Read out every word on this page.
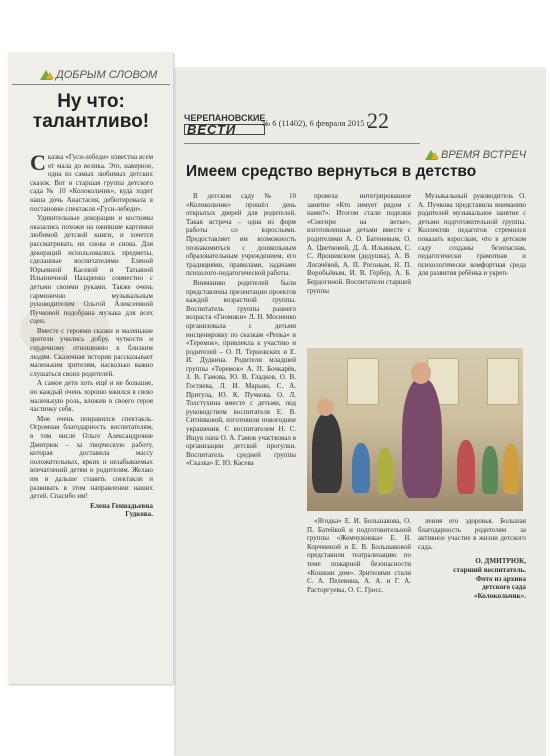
ДОБРЫМ СЛОВОМ
Ну что:
талантливо!

Сказка «Гуси-лебеди» известна всем от мала до велика. Это, наверное, одна из самых любимых детских сказок. Вот и старшая группа детского сада № 10 «Колокольчик», куда ходит наша дочь Анастасия, дебютировала в постановке спектакля «Гуси-лебеди».

Удивительные декорации и костюмы оказались похожи на ожившие картинки любимой детской книги, и хочется рассматривать их снова и снова. Для декораций использовались предметы, сделанные воспитателями Еленой Юрьевной Касевой и Татьяной Ильиничной Назаренко совместно с детьми своими руками. Также очень гармонично музыкальным руководителем Ольгой Алексеевной Пучковой подобрана музыка для всех сцен.

Вместе с героями сказки и маленькие зрители учились добру, чуткости и сердечному отношению к близким людям. Сказочная история рассказывает маленьким зрителям, насколько важно слушаться своих родителей.

А самое дети хоть ещё и не большие, но каждый очень хорошо вжился в свою маленькую роль, вложив в своего героя частичку себя.

Мне очень понравился спектакль. Огромная благодарность воспитателям, в том числе Ольге Александровне Дмитрюк – за творческую работу, которая доставила массу положительных, ярких и незабываемых впечатлений детям и родителям. Желаю им и дальше ставить спектакли и развивать в этом направлении наших детей. Спасибо им!

Елена Геннадьевна
Гудкова.
ЧЕРЕПАНОВСКИЕ
ВЕСТИ	№ 6 (11402), 6 февраля 2015 г.
22
ВРЕМЯ ВСТРЕЧ
Имеем средство вернуться в детство

В детском саду № 10 «Колокольчик» прошёл день открытых дверей для родителей. Такая встреча – одна из форм работы со взрослыми. Предоставляет им возможность познакомиться с дошкольным образовательным учреждением, его традициями, правилами, задачами психолого-педагогической работы.

Вниманию родителей были представлены презентации проектов каждой возрастной группы. Воспитатель группы раннего возраста «Гномики» Л. Н. Мосиенко организовала с детьми инсценировку по сказкам «Репка» и «Теремок», привлекла к участию и родителей – О. П. Терновских и Е. И. Дудкина. Родители младшей группы «Теремок» А. П. Бочкарёв, З. В. Гамова, Ю. В. Гладков, О. В. Гостяева, Л. И. Марьин, С. А. Притула, Ю. К. Пучкова. О. Л. Толстухина вместе с детьми, под руководством воспитателя Е. В. Ситниковой, изготовили новогодние украшения. С воспитателем Н. С. Ищук папа О. А. Гамов участвовал в организации детской прогулки. Воспитатель средней группы «Сказка» Е. Ю. Касева

провела интегрированное занятие «Кто зимует рядом с нами?». Итогом стали поделки «Снегири на ветке», изготовленные детьми вместе с родителями А. О. Батеневым, О. А. Цветковой, Д. А. Ильиным, С. С. Ярошевским (дедушка), А. В. Логачёвой, А. П. Рогоным, Н. П. Воробьёвым, И. В. Гербер, А. Б. Бердогиной. Воспитатели старшей группы

Музыкальный руководитель О. А. Пучкова представила вниманию родителей музыкальное занятие с детьми подготовительной группы. Коллектив педагогов стремился показать взрослым, что в детском саду созданы безопасная, педагогически грамотная и психологически комфортная среда для развития ребёнка и укреп-

«Ягодка» Е. И. Большакова, О. П. Батейкой и подготовительной группы «Жемчужинка» Е. Н. Корчминой и Е. В. Большаковой представили театрализацию по теме пожарной безопасности «Кошкин дом». Зрителями стали С. А. Пелевина, А. А. и Г. А. Расторгуевы, О. С. Гросс.

ления его здоровья. Большая благодарность родителям за активное участие в жизни детского сада.

О. ДМИТРЮК,
старший воспитатель.
Фото из архива
детского сада
«Колокольчик».
